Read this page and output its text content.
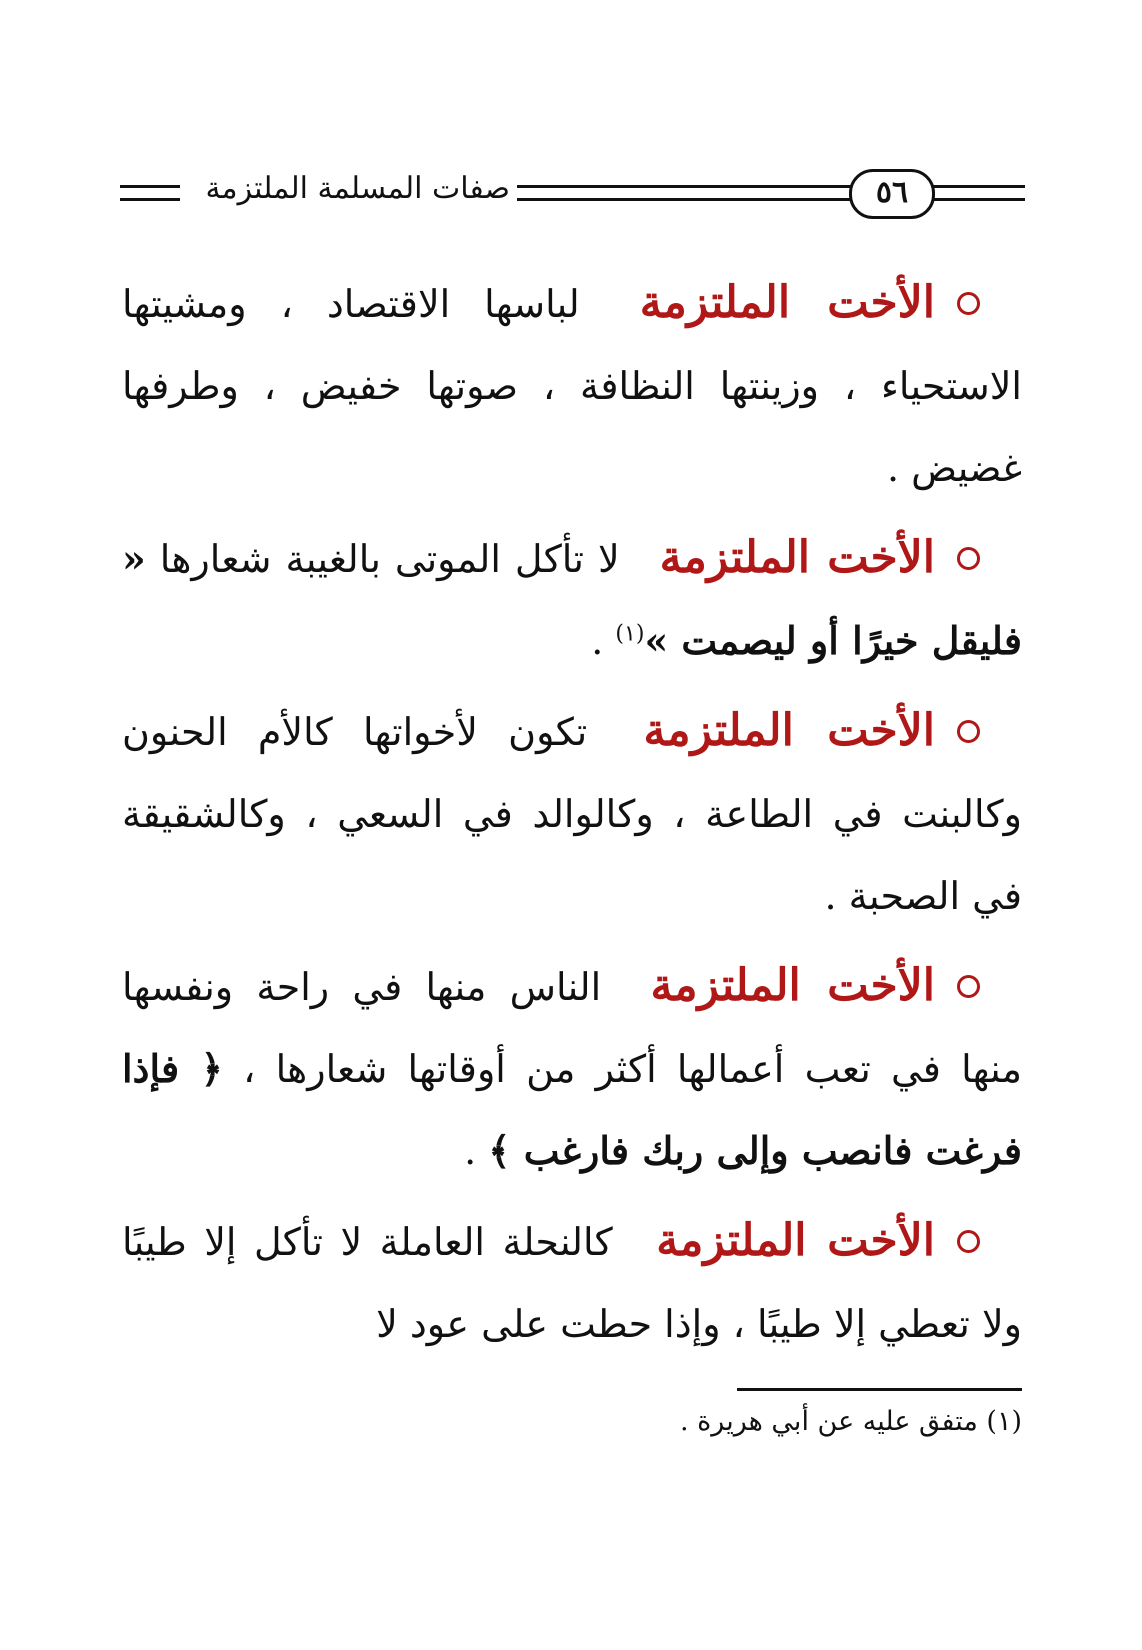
٥٦
صفات المسلمة الملتزمة

الأخت الملتزمة لباسها الاقتصاد ، ومشيتها الاستحياء ، وزينتها النظافة ، صوتها خفيض ، وطرفها غضيض .

الأخت الملتزمة لا تأكل الموتى بالغيبة شعارها « فليقل خيرًا أو ليصمت »$^{(١)}$ .

الأخت الملتزمة تكون لأخواتها كالأم الحنون وكالبنت في الطاعة ، وكالوالد في السعي ، وكالشقيقة في الصحبة .

الأخت الملتزمة الناس منها في راحة ونفسها منها في تعب أعمالها أكثر من أوقاتها شعارها ، ﴿ فإذا فرغت فانصب وإلى ربك فارغب ﴾ .

الأخت الملتزمة كالنحلة العاملة لا تأكل إلا طيبًا ولا تعطي إلا طيبًا ، وإذا حطت على عود لا

(١) متفق عليه عن أبي هريرة .
